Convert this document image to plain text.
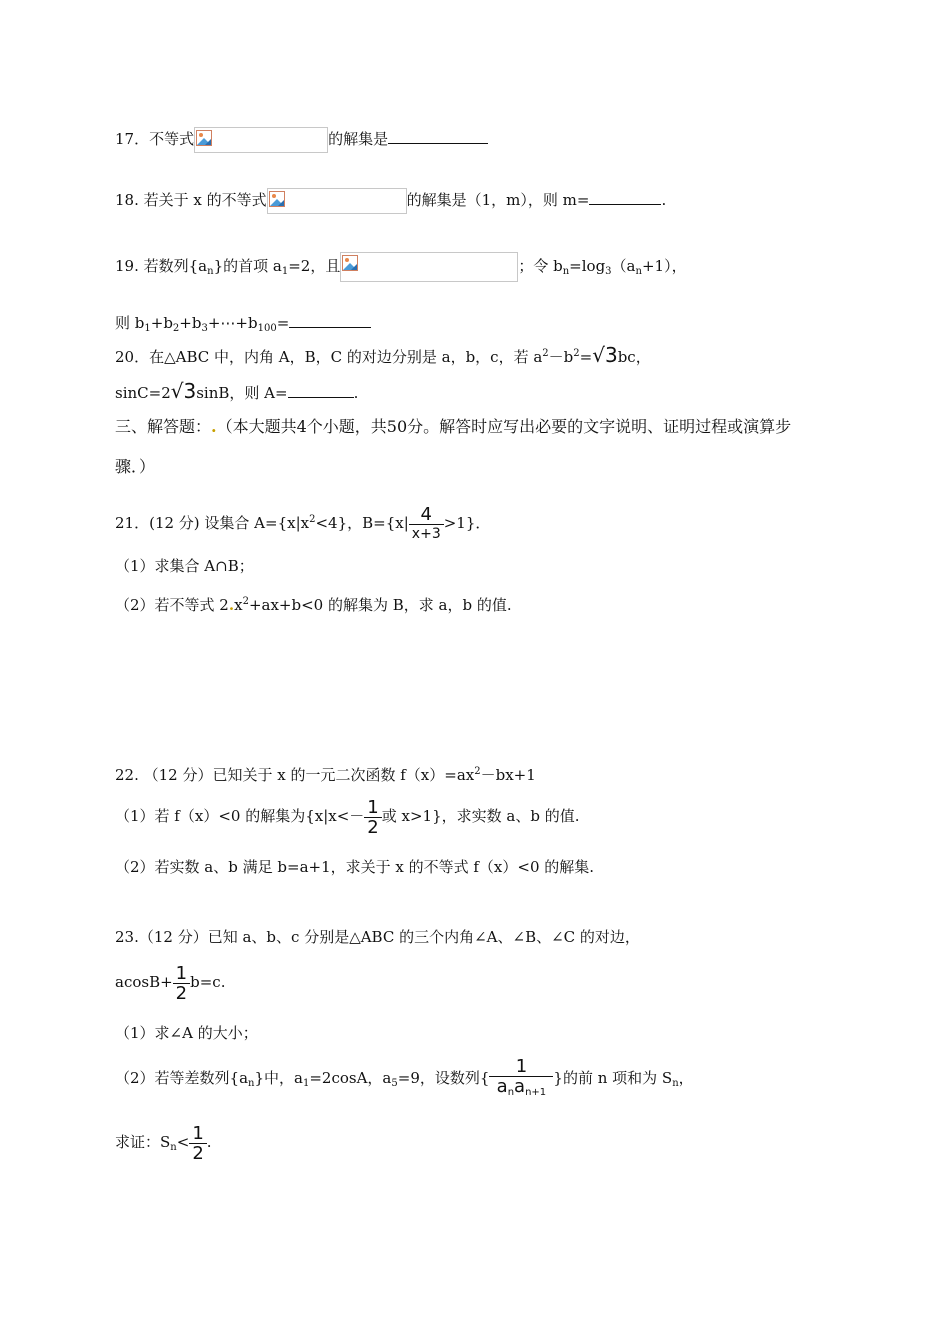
17．不等式	的解集是
18. 若关于 x 的不等式	的解集是（1，m），则 m=	.
19. 若数列$\{a_n\}$的首项 $a_1=2$，且	；令 $b_n=\log_3(a_n+1)$，
则 $b_1+b_2+b_3+\cdots+b_{100}=$
20．在△ABC 中，内角 A，B，C 的对边分别是 a，b，c，若 $a^2-b^2=√3bc$，
sinC=2√3sinB，则 A=	.
三、解答题：.（本大题共4个小题，共50分。解答时应写出必要的文字说明、证明过程或演算步
骤．）
21．(12 分) 设集合 $A=\{x|x^2<4\}$，$B=\{x| \frac{4}{x+3} >1\}$．
（1）求集合 A∩B；
（2）若不等式 $2.x^2+ax+b<0$ 的解集为 B，求 a，b 的值.
22. （12 分）已知关于 x 的一元二次函数 $f(x)=ax^2-bx+1$
（1）若 f（x）<0 的解集为{$x|x<- \frac{1}{2}$ 或 x>1}，求实数 a、b 的值.
（2）若实数 a、b 满足 b=a+1，求关于 x 的不等式 f（x）<0 的解集.
23.（12 分）已知 a、b、c 分别是△ABC 的三个内角∠A、∠B、∠C 的对边，
$acosB+ \frac{1}{2} b=c$.
（1）求∠A 的大小；
（2）若等差数列$\{a_n\}$中，$a_1=2\cos A$，$a_5=9$，设数列{ $\frac{1}{a_na_{n+1}}$ }的前 n 项和为 $S_n$，
求证：$S_n< \frac{1}{2}$ .
